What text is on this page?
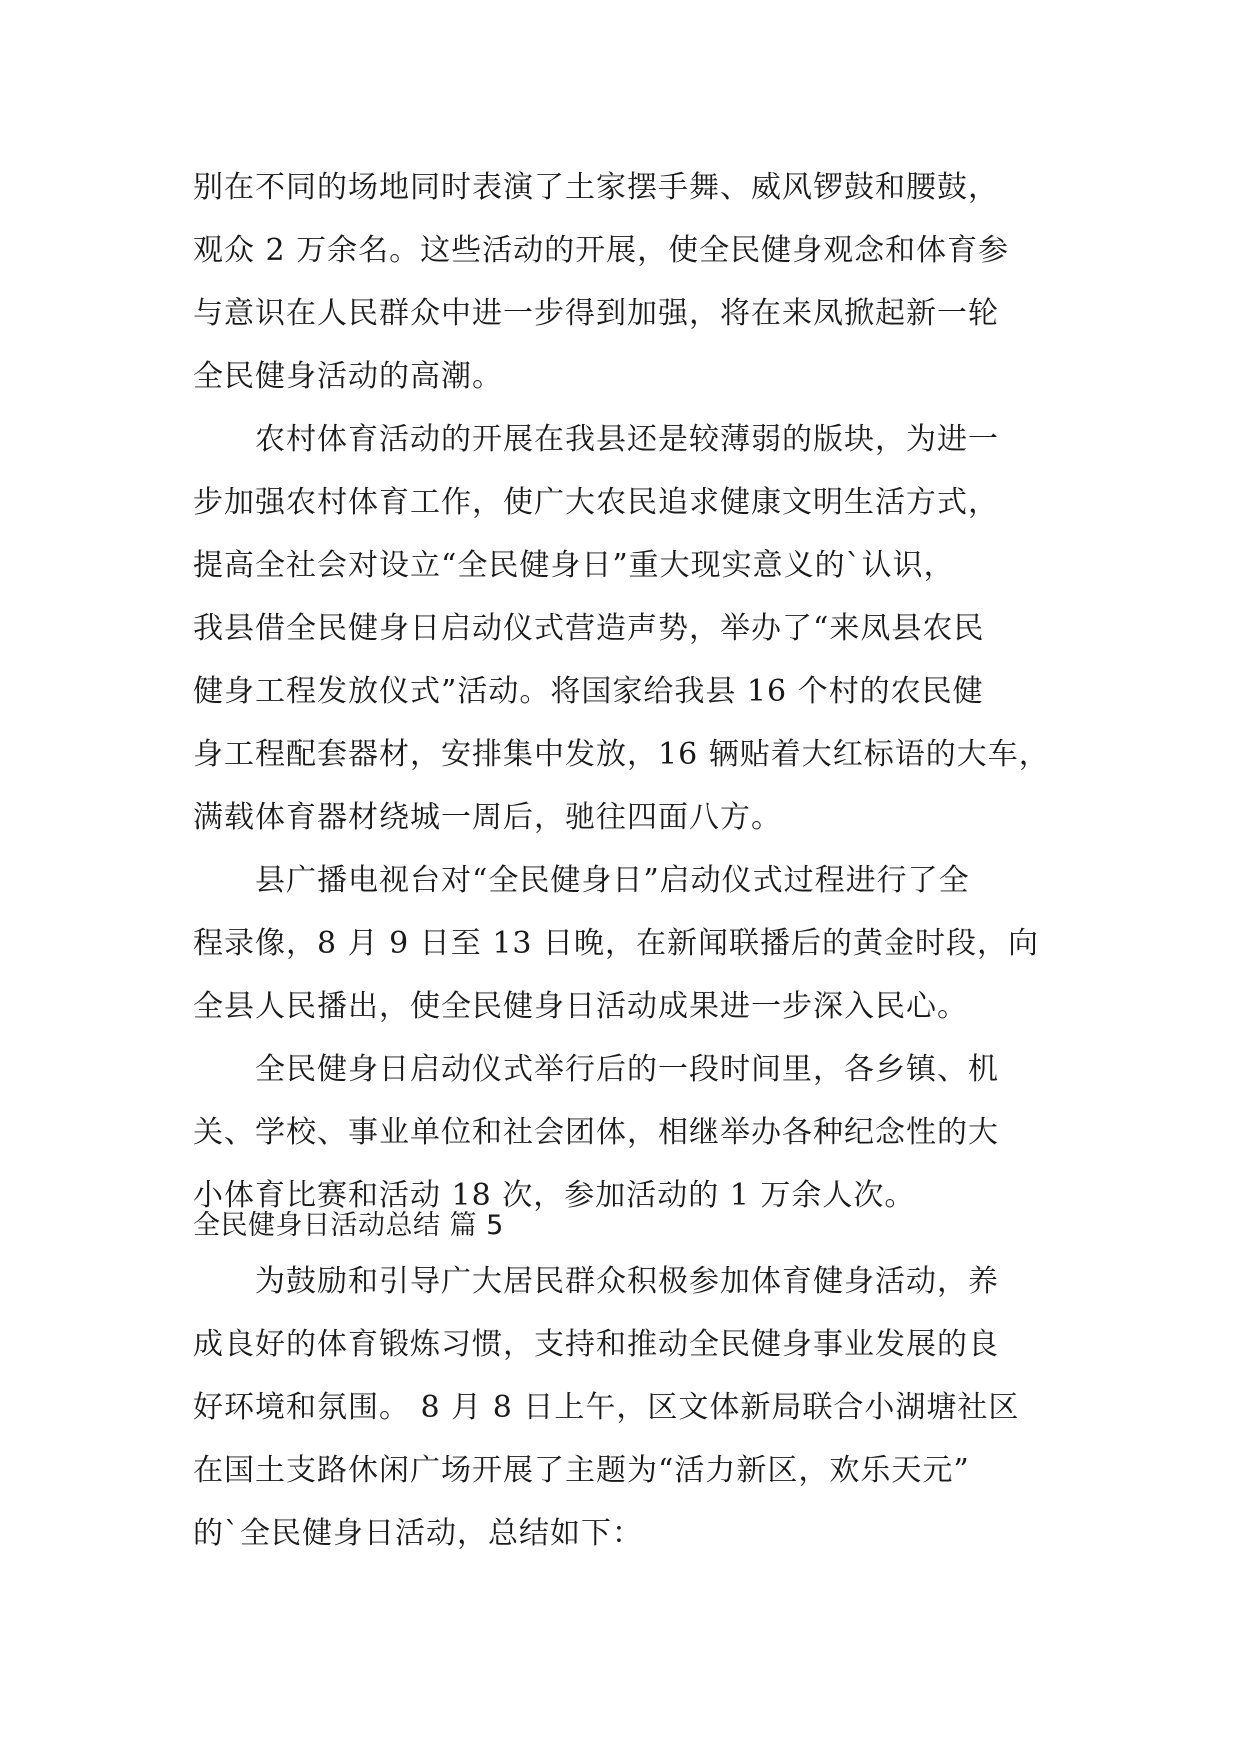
别在不同的场地同时表演了土家摆手舞、威风锣鼓和腰鼓，
观众 2 万余名。这些活动的开展，使全民健身观念和体育参
与意识在人民群众中进一步得到加强，将在来凤掀起新一轮
全民健身活动的高潮。
　　农村体育活动的开展在我县还是较薄弱的版块，为进一
步加强农村体育工作，使广大农民追求健康文明生活方式，
提高全社会对设立“全民健身日”重大现实意义的`认识，
我县借全民健身日启动仪式营造声势，举办了“来凤县农民
健身工程发放仪式”活动。将国家给我县 16 个村的农民健
身工程配套器材，安排集中发放，16 辆贴着大红标语的大车，
满载体育器材绕城一周后，驰往四面八方。
　　县广播电视台对“全民健身日”启动仪式过程进行了全
程录像，8 月 9 日至 13 日晚，在新闻联播后的黄金时段，向
全县人民播出，使全民健身日活动成果进一步深入民心。
　　全民健身日启动仪式举行后的一段时间里，各乡镇、机
关、学校、事业单位和社会团体，相继举办各种纪念性的大
小体育比赛和活动 18 次，参加活动的 1 万余人次。
全民健身日活动总结 篇 5
　　为鼓励和引导广大居民群众积极参加体育健身活动，养
成良好的体育锻炼习惯，支持和推动全民健身事业发展的良
好环境和氛围。 8 月 8 日上午，区文体新局联合小湖塘社区
在国土支路休闲广场开展了主题为“活力新区，欢乐天元”
的`全民健身日活动，总结如下：
